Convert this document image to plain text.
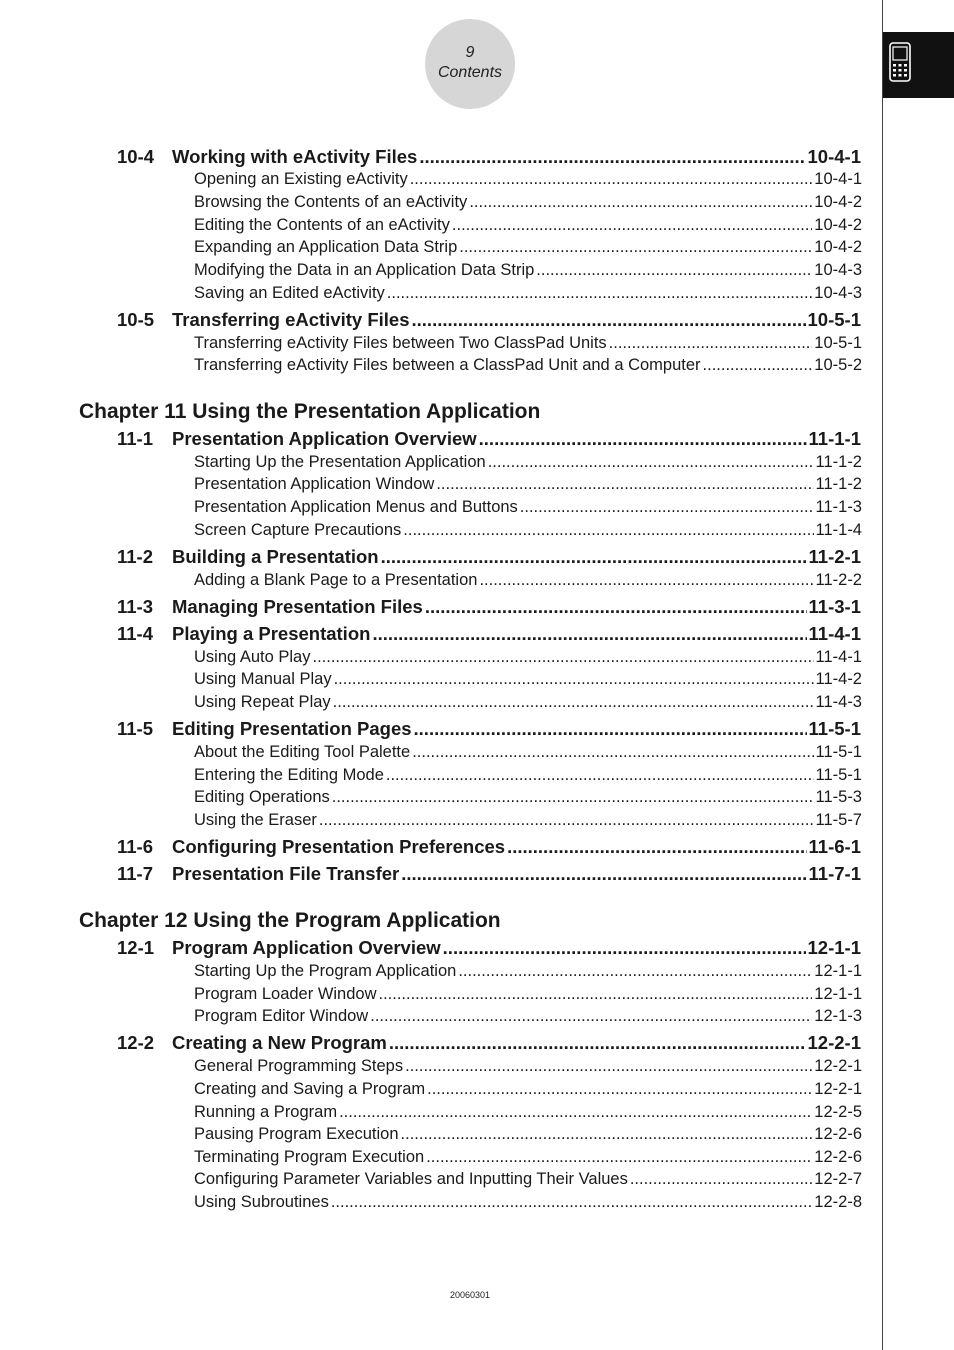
9
Contents
10-4 Working with eActivity Files .....	10-4-1
Opening an Existing eActivity .....	10-4-1
Browsing the Contents of an eActivity .....	10-4-2
Editing the Contents of an eActivity .....	10-4-2
Expanding an Application Data Strip .....	10-4-2
Modifying the Data in an Application Data Strip .....	10-4-3
Saving an Edited eActivity .....	10-4-3
10-5 Transferring eActivity Files .....	10-5-1
Transferring eActivity Files between Two ClassPad Units .....	10-5-1
Transferring eActivity Files between a ClassPad Unit and a Computer .....	10-5-2
Chapter 11 Using the Presentation Application
11-1	Presentation Application Overview .....	11-1-1
Starting Up the Presentation Application .....	11-1-2
Presentation Application Window .....	11-1-2
Presentation Application Menus and Buttons .....	11-1-3
Screen Capture Precautions .....	11-1-4
11-2	Building a Presentation .....	11-2-1
Adding a Blank Page to a Presentation .....	11-2-2
11-3	Managing Presentation Files .....	11-3-1
11-4	Playing a Presentation .....	11-4-1
Using Auto Play .....	11-4-1
Using Manual Play .....	11-4-2
Using Repeat Play .....	11-4-3
11-5	Editing Presentation Pages .....	11-5-1
About the Editing Tool Palette .....	11-5-1
Entering the Editing Mode .....	11-5-1
Editing Operations .....	11-5-3
Using the Eraser .....	11-5-7
11-6	Configuring Presentation Preferences .....	11-6-1
11-7	Presentation File Transfer .....	11-7-1
Chapter 12 Using the Program Application
12-1 Program Application Overview .....	12-1-1
Starting Up the Program Application .....	12-1-1
Program Loader Window .....	12-1-1
Program Editor Window .....	12-1-3
12-2 Creating a New Program .....	12-2-1
General Programming Steps .....	12-2-1
Creating and Saving a Program .....	12-2-1
Running a Program .....	12-2-5
Pausing Program Execution .....	12-2-6
Terminating Program Execution .....	12-2-6
Configuring Parameter Variables and Inputting Their Values .....	12-2-7
Using Subroutines .....	12-2-8
20060301
